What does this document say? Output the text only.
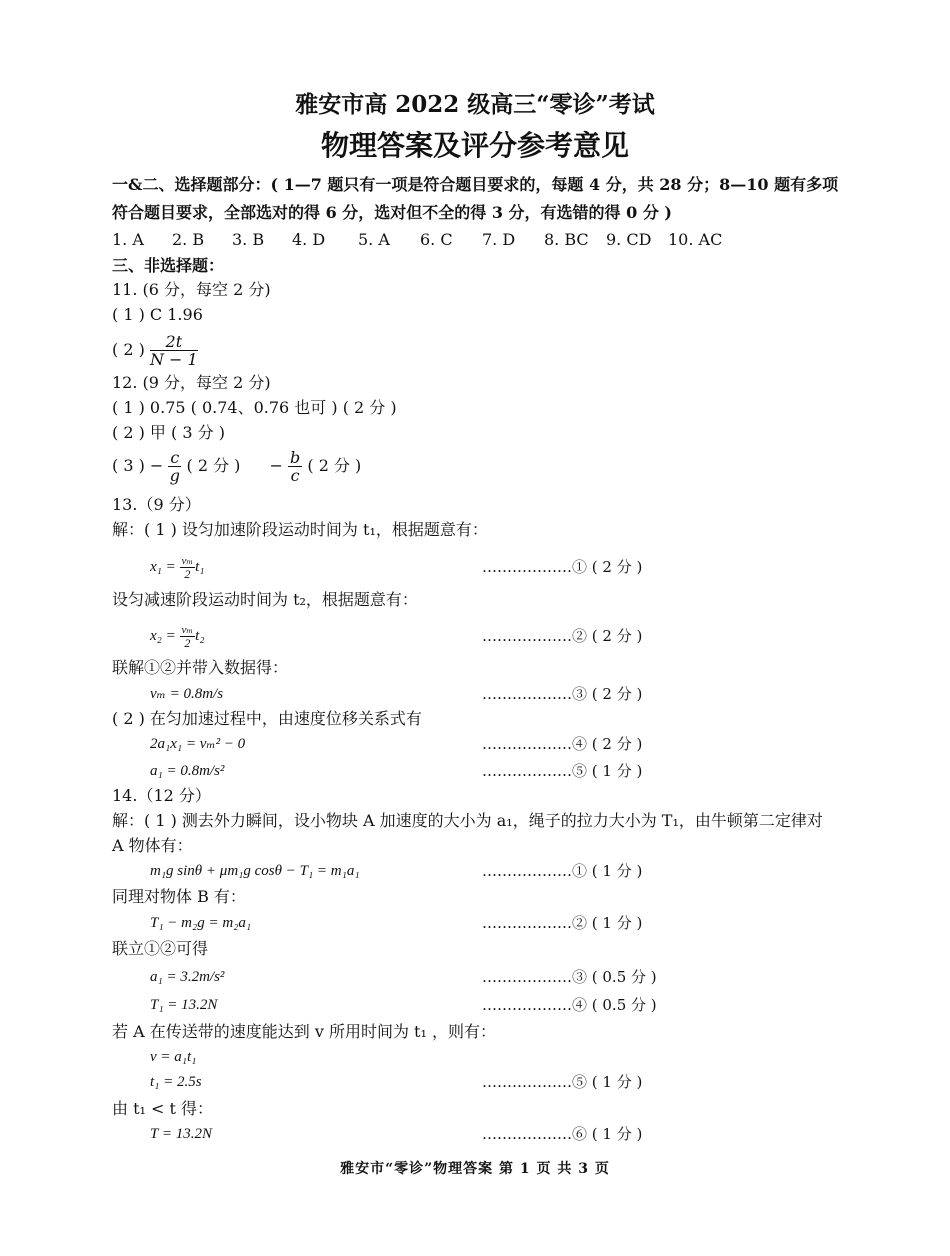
雅安市高 2022 级高三“零诊”考试
物理答案及评分参考意见
一&二、选择题部分：( 1—7 题只有一项是符合题目要求的，每题 4 分，共 28 分；8—10 题有多项
符合题目要求，全部选对的得 6 分，选对但不全的得 3 分，有选错的得 0 分 )
1. A 2. B 3. B 4. D 5. A 6. C 7. D 8. BC 9. CD 10. AC
三、非选择题：
11. (6 分，每空 2 分)
( 1 ) C 1.96
( 2 ) $\frac{2t}{N - 1}$
12. (9 分，每空 2 分)
( 1 ) 0.75 ( 0.74、0.76 也可 ) ( 2 分 )
( 2 ) 甲 ( 3 分 )
( 3 ) − $\frac{c}{g}$ ( 2 分 ) − $\frac{b}{c}$ ( 2 分 )
13.（9 分）
解：( 1 ) 设匀加速阶段运动时间为 t₁，根据题意有：
$x_1 = \frac{\text{vₘ}}{2} t_1$	………………① ( 2 分 )
设匀减速阶段运动时间为 t₂，根据题意有：
$x_2 = \frac{\text{vₘ}}{2} t_2$	………………② ( 2 分 )
联解①②并带入数据得：
vₘ = 0.8m/s	………………③ ( 2 分 )
( 2 ) 在匀加速过程中，由速度位移关系式有
2a₁x₁ = vₘ² − 0	………………④ ( 2 分 )
a₁ = 0.8m/s²	………………⑤ ( 1 分 )
14.（12 分）
解：( 1 ) 测去外力瞬间，设小物块 A 加速度的大小为 a₁，绳子的拉力大小为 T₁，由牛顿第二定律对
A 物体有：
m₁g sinθ + μm₁g cosθ − T₁ = m₁a₁	………………① ( 1 分 )
同理对物体 B 有：
T₁ − m₂g = m₂a₁	………………② ( 1 分 )
联立①②可得
a₁ = 3.2m/s²	………………③ ( 0.5 分 )
T₁ = 13.2N	………………④ ( 0.5 分 )
若 A 在传送带的速度能达到 v 所用时间为 t₁ ，则有：
v = a₁t₁
t₁ = 2.5s	………………⑤ ( 1 分 )
由 t₁ < t 得：
T = 13.2N	………………⑥ ( 1 分 )
雅安市“零诊”物理答案 第 1 页 共 3 页
